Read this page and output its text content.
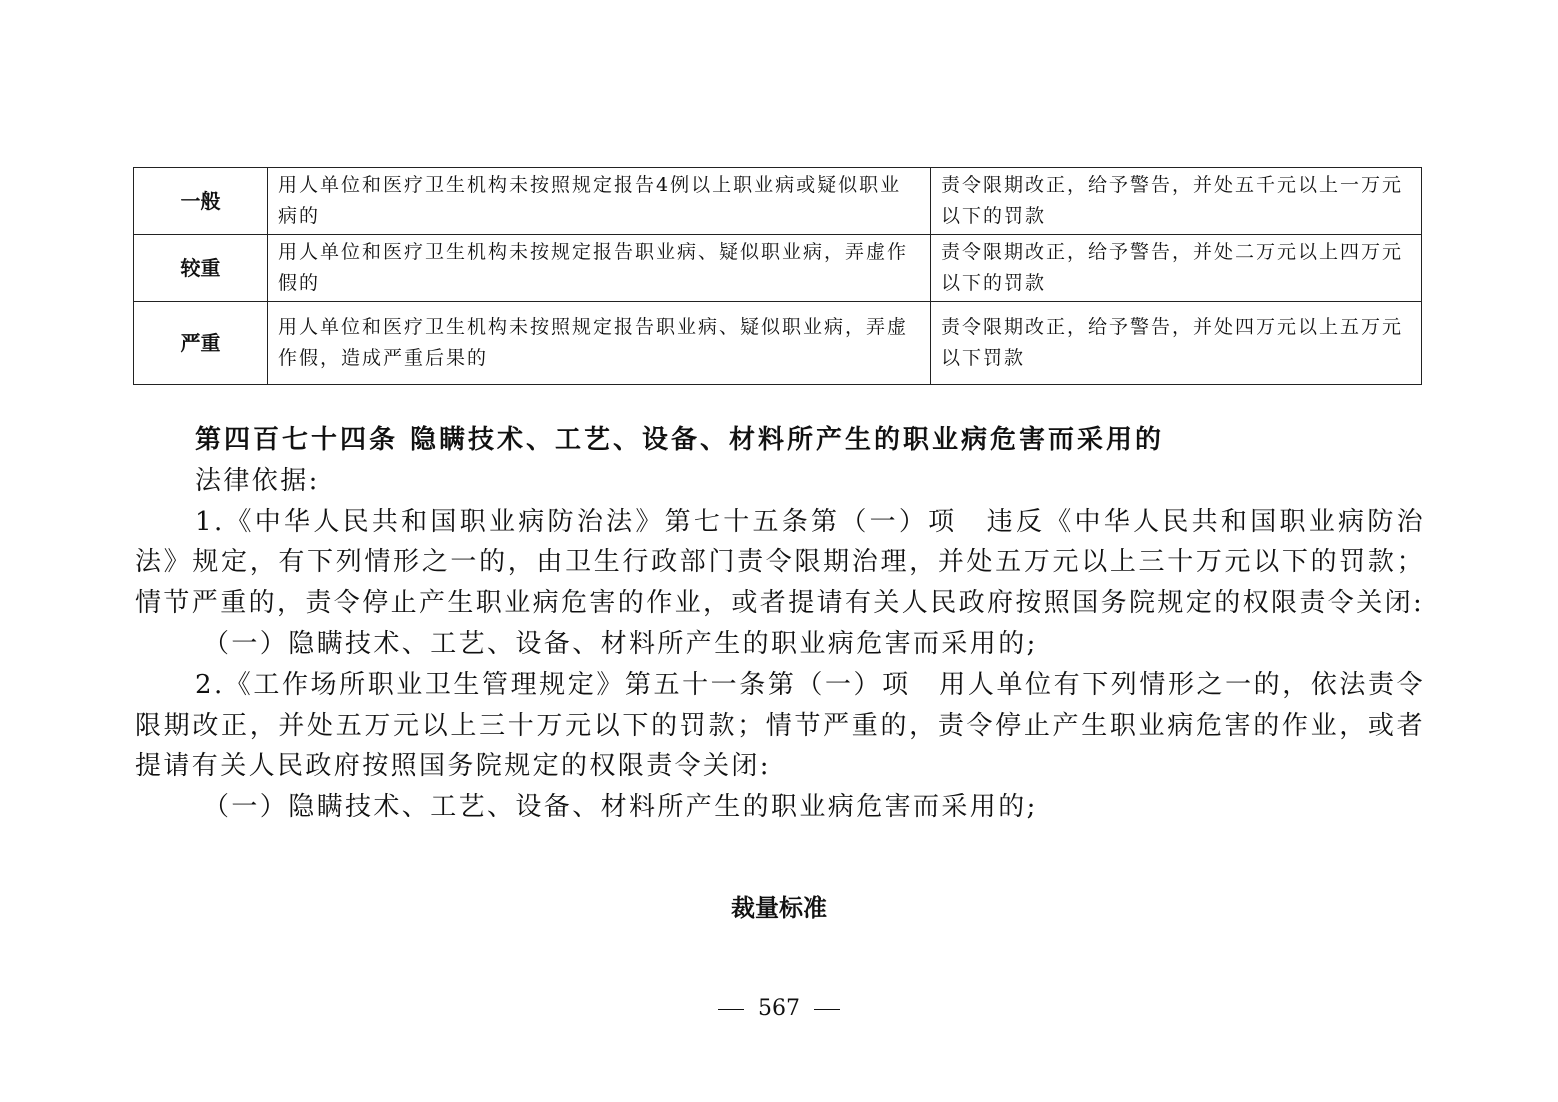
一般	用人单位和医疗卫生机构未按照规定报告4例以上职业病或疑似职业病的	责令限期改正，给予警告，并处五千元以上一万元以下的罚款
较重	用人单位和医疗卫生机构未按规定报告职业病、疑似职业病，弄虚作假的	责令限期改正，给予警告，并处二万元以上四万元以下的罚款
严重	用人单位和医疗卫生机构未按照规定报告职业病、疑似职业病，弄虚作假，造成严重后果的	责令限期改正，给予警告，并处四万元以上五万元以下罚款

第四百七十四条 隐瞒技术、工艺、设备、材料所产生的职业病危害而采用的

法律依据:

1.《中华人民共和国职业病防治法》第七十五条第（一）项　违反《中华人民共和国职业病防治法》规定，有下列情形之一的，由卫生行政部门责令限期治理，并处五万元以上三十万元以下的罚款；情节严重的，责令停止产生职业病危害的作业，或者提请有关人民政府按照国务院规定的权限责令关闭:

（一）隐瞒技术、工艺、设备、材料所产生的职业病危害而采用的;

2.《工作场所职业卫生管理规定》第五十一条第（一）项　用人单位有下列情形之一的，依法责令限期改正，并处五万元以上三十万元以下的罚款；情节严重的，责令停止产生职业病危害的作业，或者提请有关人民政府按照国务院规定的权限责令关闭:

（一）隐瞒技术、工艺、设备、材料所产生的职业病危害而采用的;

裁量标准
567
